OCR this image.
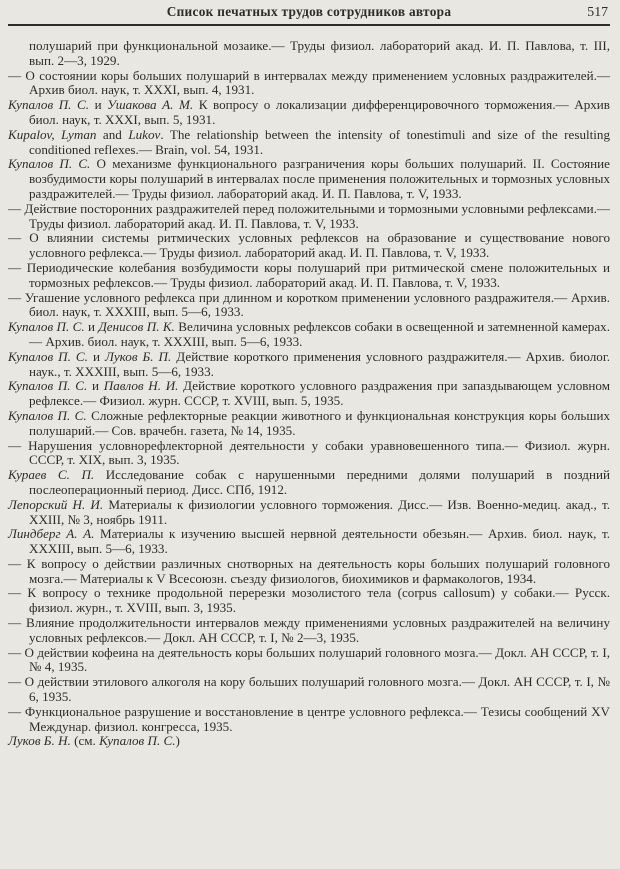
Список печатных трудов сотрудников автора	517

полушарий при функциональной мозаике.— Труды физиол. лабораторий акад. И. П. Павлова, т. III, вып. 2—3, 1929.

— О состоянии коры больших полушарий в интервалах между применением условных раздражителей.— Архив биол. наук, т. XXXI, вып. 4, 1931.

Купалов П. С. и Ушакова А. М. К вопросу о локализации дифференцировочного торможения.— Архив биол. наук, т. XXXI, вып. 5, 1931.

Kupalov, Lyman and Lukov. The relationship between the intensity of tonestimuli and size of the resulting conditioned reflexes.— Brain, vol. 54, 1931.

Купалов П. С. О механизме функционального разграничения коры больших полушарий. II. Состояние возбудимости коры полушарий в интервалах после применения положительных и тормозных условных раздражителей.— Труды физиол. лабораторий акад. И. П. Павлова, т. V, 1933.

— Действие посторонних раздражителей перед положительными и тормозными условными рефлексами.— Труды физиол. лабораторий акад. И. П. Павлова, т. V, 1933.

— О влиянии системы ритмических условных рефлексов на образование и существование нового условного рефлекса.— Труды физиол. лабораторий акад. И. П. Павлова, т. V, 1933.

— Периодические колебания возбудимости коры полушарий при ритмической смене положительных и тормозных рефлексов.— Труды физиол. лабораторий акад. И. П. Павлова, т. V, 1933.

— Угашение условного рефлекса при длинном и коротком применении условного раздражителя.— Архив. биол. наук, т. XXXIII, вып. 5—6, 1933.

Купалов П. С. и Денисов П. К. Величина условных рефлексов собаки в освещенной и затемненной камерах.— Архив. биол. наук, т. XXXIII, вып. 5—6, 1933.

Купалов П. С. и Луков Б. П. Действие короткого применения условного раздражителя.— Архив. биолог. наук., т. XXXIII, вып. 5—6, 1933.

Купалов П. С. и Павлов Н. И. Действие короткого условного раздражения при запаздывающем условном рефлексе.— Физиол. журн. СССР, т. XVIII, вып. 5, 1935.

Купалов П. С. Сложные рефлекторные реакции животного и функциональная конструкция коры больших полушарий.— Сов. врачебн. газета, № 14, 1935.

— Нарушения условнорефлекторной деятельности у собаки уравновешенного типа.— Физиол. журн. СССР, т. XIX, вып. 3, 1935.

Кураев С. П. Исследование собак с нарушенными передними долями полушарий в поздний послеоперационный период. Дисс. СПб, 1912.

Лепорский Н. И. Материалы к физиологии условного торможения. Дисс.— Изв. Военно-медиц. акад., т. XXIII, № 3, ноябрь 1911.

Линдберг А. А. Материалы к изучению высшей нервной деятельности обезьян.— Архив. биол. наук, т. XXXIII, вып. 5—6, 1933.

— К вопросу о действии различных снотворных на деятельность коры больших полушарий головного мозга.— Материалы к V Всесоюзн. съезду физиологов, биохимиков и фармакологов, 1934.

— К вопросу о технике продольной перерезки мозолистого тела (corpus callosum) у собаки.— Русск. физиол. журн., т. XVIII, вып. 3, 1935.

— Влияние продолжительности интервалов между применениями условных раздражителей на величину условных рефлексов.— Докл. АН СССР, т. I, № 2—3, 1935.

— О действии кофеина на деятельность коры больших полушарий головного мозга.— Докл. АН СССР, т. I, № 4, 1935.

— О действии этилового алкоголя на кору больших полушарий головного мозга.— Докл. АН СССР, т. I, № 6, 1935.

— Функциональное разрушение и восстановление в центре условного рефлекса.— Тезисы сообщений XV Междунар. физиол. конгресса, 1935.

Луков Б. Н. (см. Купалов П. С.)
